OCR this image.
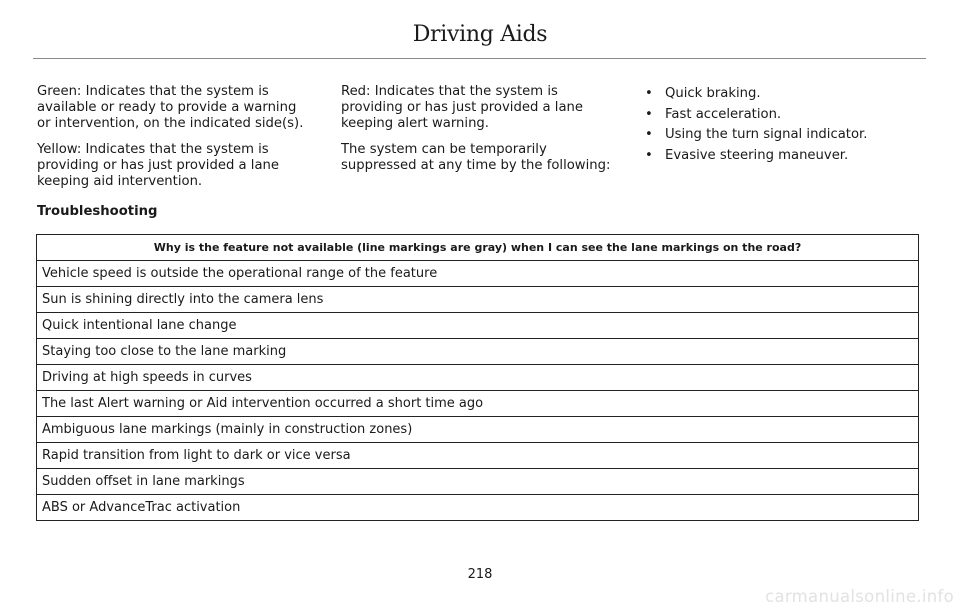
Driving Aids

Green: Indicates that the system is available or ready to provide a warning or intervention, on the indicated side(s).

Yellow: Indicates that the system is providing or has just provided a lane keeping aid intervention.

Red: Indicates that the system is providing or has just provided a lane keeping alert warning.

The system can be temporarily suppressed at any time by the following:

• Quick braking.
• Fast acceleration.
• Using the turn signal indicator.
• Evasive steering maneuver.
Troubleshooting
Why is the feature not available (line markings are gray) when I can see the lane markings on the road?
Vehicle speed is outside the operational range of the feature
Sun is shining directly into the camera lens
Quick intentional lane change
Staying too close to the lane marking
Driving at high speeds in curves
The last Alert warning or Aid intervention occurred a short time ago
Ambiguous lane markings (mainly in construction zones)
Rapid transition from light to dark or vice versa
Sudden offset in lane markings
ABS or AdvanceTrac activation
218
carmanualsonline.info
